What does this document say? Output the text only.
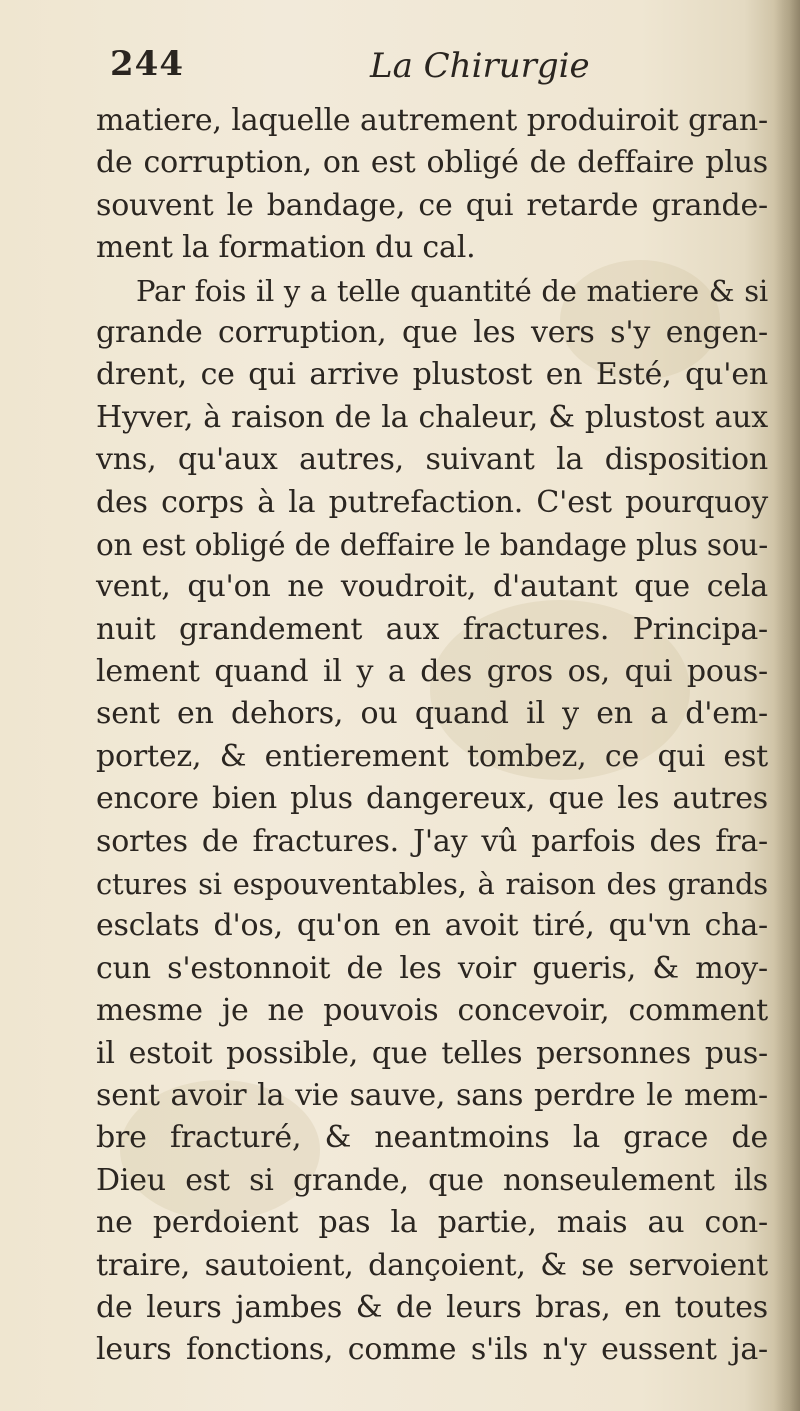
244	La Chirurgie
matiere, laquelle autrement produiroit gran-
de corruption, on est obligé de deffaire plus
souvent le bandage, ce qui retarde grande-
ment la formation du cal.
Par fois il y a telle quantité de matiere & si
grande corruption, que les vers s'y engen-
drent, ce qui arrive plustost en Esté, qu'en
Hyver, à raison de la chaleur, & plustost aux
vns, qu'aux autres, suivant la disposition
des corps à la putrefaction. C'est pourquoy
on est obligé de deffaire le bandage plus sou-
vent, qu'on ne voudroit, d'autant que cela
nuit grandement aux fractures. Principa-
lement quand il y a des gros os, qui pous-
sent en dehors, ou quand il y en a d'em-
portez, & entierement tombez, ce qui est
encore bien plus dangereux, que les autres
sortes de fractures. J'ay vû parfois des fra-
ctures si espouventables, à raison des grands
esclats d'os, qu'on en avoit tiré, qu'vn cha-
cun s'estonnoit de les voir gueris, & moy-
mesme je ne pouvois concevoir, comment
il estoit possible, que telles personnes pus-
sent avoir la vie sauve, sans perdre le mem-
bre fracturé, & neantmoins la grace de
Dieu est si grande, que nonseulement ils
ne perdoient pas la partie, mais au con-
traire, sautoient, dançoient, & se servoient
de leurs jambes & de leurs bras, en toutes
leurs fonctions, comme s'ils n'y eussent ja-
